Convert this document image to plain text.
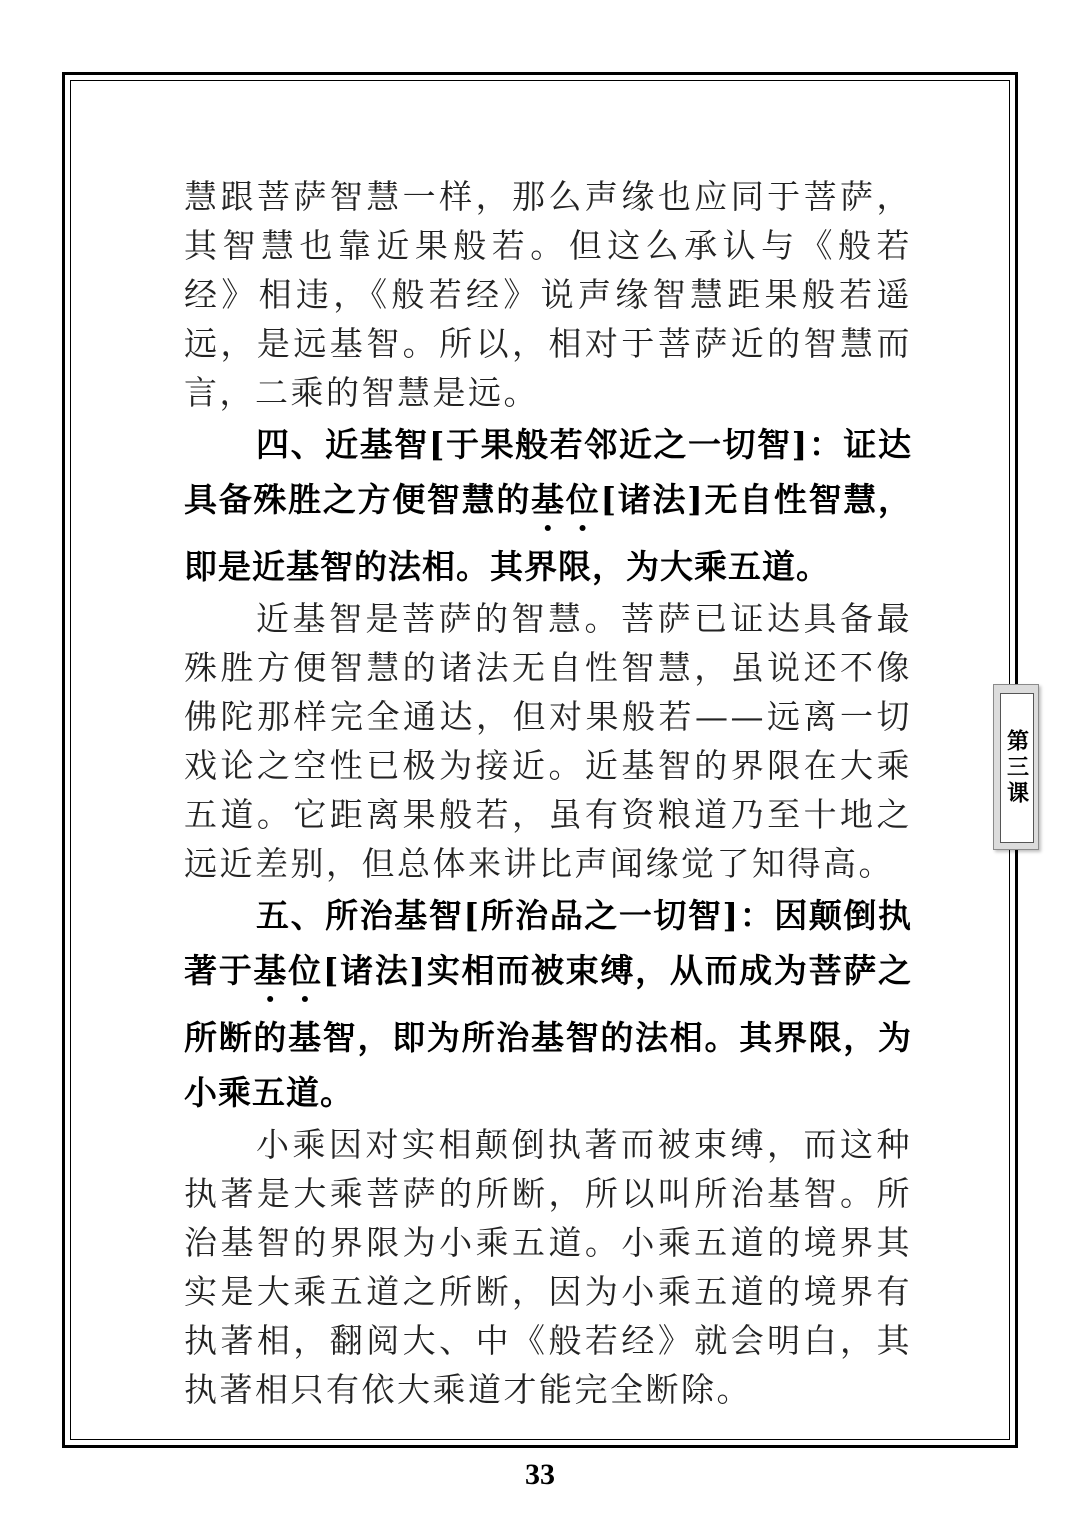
慧跟菩萨智慧一样，那么声缘也应同于菩萨，其智慧也靠近果般若。但这么承认与《般若经》相违，《般若经》说声缘智慧距果般若遥远，是远基智。所以，相对于菩萨近的智慧而言，二乘的智慧是远。

四、近基智[于果般若邻近之一切智]：证达具备殊胜之方便智慧的基位[诸法]无自性智慧，即是近基智的法相。其界限，为大乘五道。

近基智是菩萨的智慧。菩萨已证达具备最殊胜方便智慧的诸法无自性智慧，虽说还不像佛陀那样完全通达，但对果般若——远离一切戏论之空性已极为接近。近基智的界限在大乘五道。它距离果般若，虽有资粮道乃至十地之远近差别，但总体来讲比声闻缘觉了知得高。

五、所治基智[所治品之一切智]：因颠倒执著于基位[诸法]实相而被束缚，从而成为菩萨之所断的基智，即为所治基智的法相。其界限，为小乘五道。

小乘因对实相颠倒执著而被束缚，而这种执著是大乘菩萨的所断，所以叫所治基智。所治基智的界限为小乘五道。小乘五道的境界其实是大乘五道之所断，因为小乘五道的境界有执著相，翻阅大、中《般若经》就会明白，其执著相只有依大乘道才能完全断除。

第三课
33
